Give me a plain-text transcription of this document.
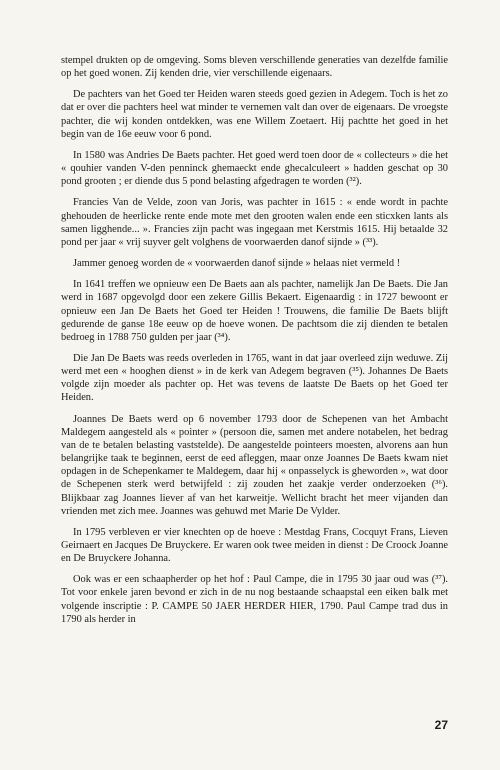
stempel drukten op de omgeving. Soms bleven verschillende generaties van dezelfde familie op het goed wonen. Zij kenden drie, vier verschillende eigenaars.

De pachters van het Goed ter Heiden waren steeds goed gezien in Adegem. Toch is het zo dat er over die pachters heel wat minder te vernemen valt dan over de eigenaars. De vroegste pachter, die wij konden ontdekken, was ene Willem Zoetaert. Hij pachtte het goed in het begin van de 16e eeuw voor 6 pond.

In 1580 was Andries De Baets pachter. Het goed werd toen door de « collecteurs » die het « qouhier vanden V-den penninck ghemaeckt ende ghecalculeert » hadden geschat op 30 pond grooten ; er diende dus 5 pond belasting afgedragen te worden (³²).

Francies Van de Velde, zoon van Joris, was pachter in 1615 : « ende wordt in pachte ghehouden de heerlicke rente ende mote met den grooten walen ende een sticxken lants als samen ligghende... ». Francies zijn pacht was ingegaan met Kerstmis 1615. Hij betaalde 32 pond per jaar « vrij suyver gelt volghens de voorwaerden danof sijnde » (³³).

Jammer genoeg worden de « voorwaerden danof sijnde » helaas niet vermeld !

In 1641 treffen we opnieuw een De Baets aan als pachter, namelijk Jan De Baets. Die Jan werd in 1687 opgevolgd door een zekere Gillis Bekaert. Eigenaardig : in 1727 bewoont er opnieuw een Jan De Baets het Goed ter Heiden ! Trouwens, die familie De Baets blijft gedurende de ganse 18e eeuw op de hoeve wonen. De pachtsom die zij dienden te betalen bedroeg in 1788 750 gulden per jaar (³⁴).

Die Jan De Baets was reeds overleden in 1765, want in dat jaar overleed zijn weduwe. Zij werd met een « hooghen dienst » in de kerk van Adegem begraven (³⁵). Johannes De Baets volgde zijn moeder als pachter op. Het was tevens de laatste De Baets op het Goed ter Heiden.

Joannes De Baets werd op 6 november 1793 door de Schepenen van het Ambacht Maldegem aangesteld als « pointer » (persoon die, samen met andere notabelen, het bedrag van de te betalen belasting vaststelde). De aangestelde pointeers moesten, alvorens aan hun belangrijke taak te beginnen, eerst de eed afleggen, maar onze Joannes De Baets kwam niet opdagen in de Schepenkamer te Maldegem, daar hij « onpasselyck is gheworden », wat door de Schepenen sterk werd betwijfeld : zij zouden het zaakje verder onderzoeken (³⁶). Blijkbaar zag Joannes liever af van het karweitje. Wellicht bracht het meer vijanden dan vrienden met zich mee. Joannes was gehuwd met Marie De Vylder.

In 1795 verbleven er vier knechten op de hoeve : Mestdag Frans, Cocquyt Frans, Lieven Geirnaert en Jacques De Bruyckere. Er waren ook twee meiden in dienst : De Croock Joanne en De Bruyckere Johanna.

Ook was er een schaapherder op het hof : Paul Campe, die in 1795 30 jaar oud was (³⁷). Tot voor enkele jaren bevond er zich in de nu nog bestaande schaapstal een eiken balk met volgende inscriptie : P. CAMPE 50 JAER HERDER HIER, 1790. Paul Campe trad dus in 1790 als herder in

27
